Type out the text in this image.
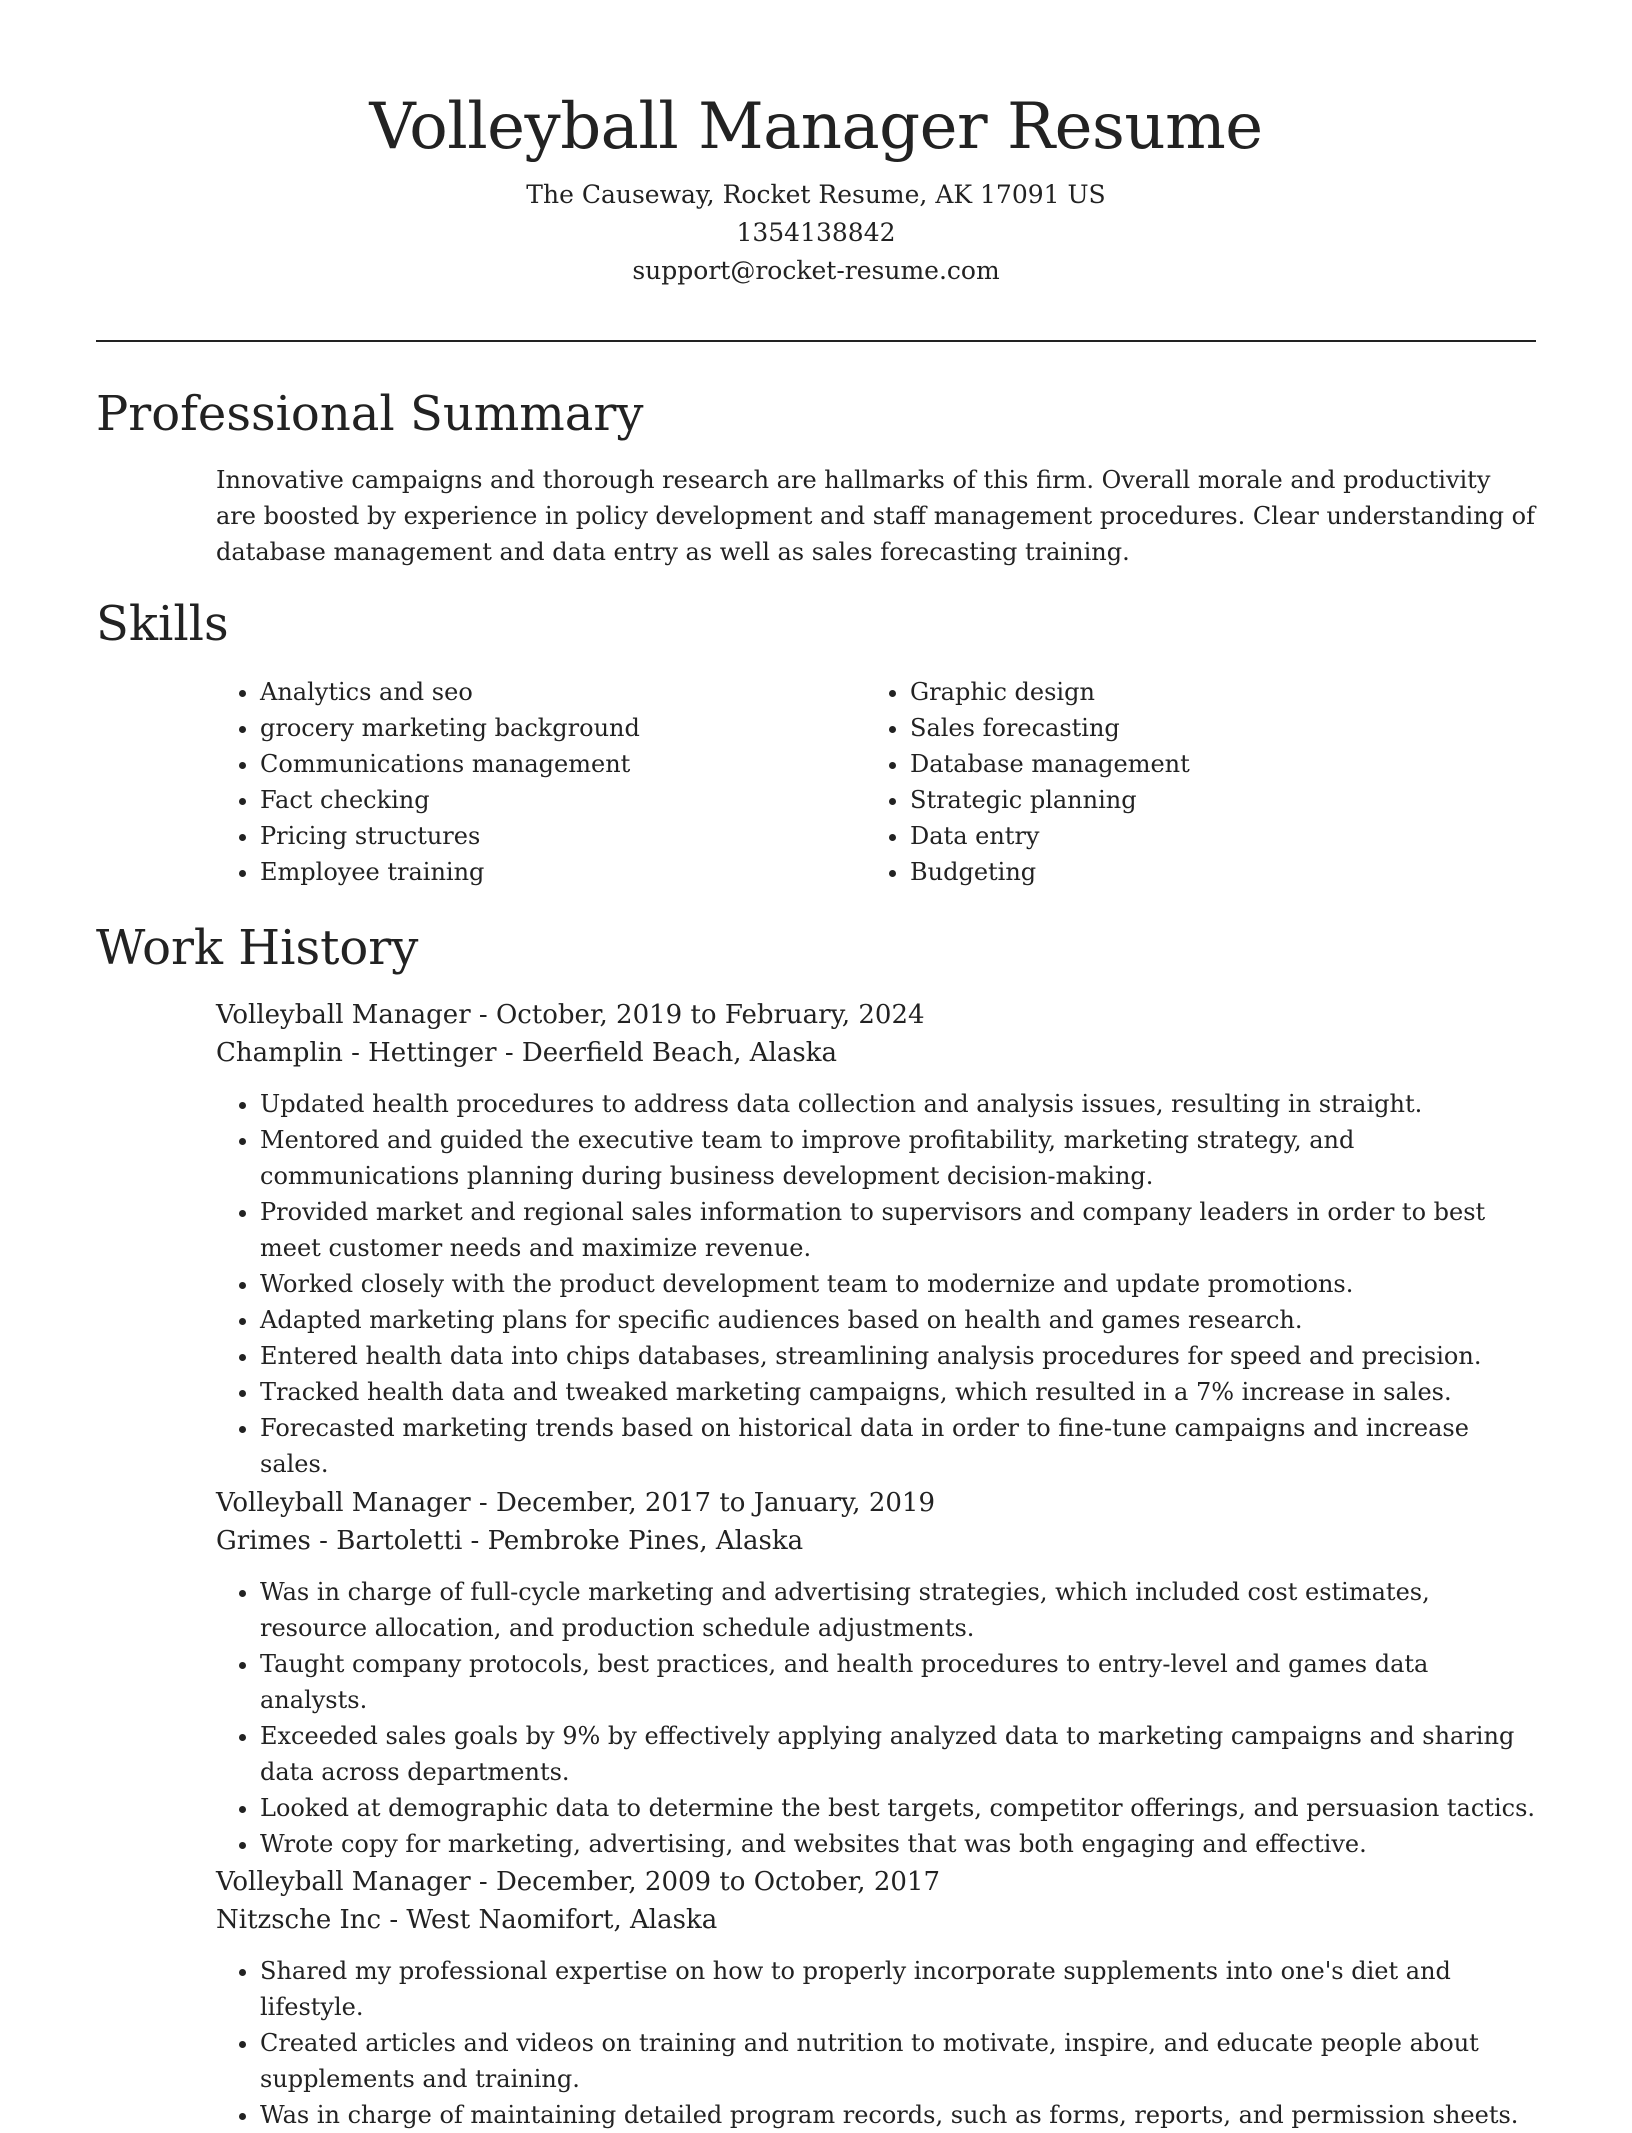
Volleyball Manager Resume
The Causeway, Rocket Resume, AK 17091 US
1354138842
support@rocket-resume.com
Professional Summary

Innovative campaigns and thorough research are hallmarks of this firm. Overall morale and productivity are boosted by experience in policy development and staff management procedures. Clear understanding of database management and data entry as well as sales forecasting training.

Skills
• Analytics and seo
• grocery marketing background
• Communications management
• Fact checking
• Pricing structures
• Employee training
• Graphic design
• Sales forecasting
• Database management
• Strategic planning
• Data entry
• Budgeting
Work History
Volleyball Manager - October, 2019 to February, 2024
Champlin - Hettinger - Deerfield Beach, Alaska
• Updated health procedures to address data collection and analysis issues, resulting in straight.
• Mentored and guided the executive team to improve profitability, marketing strategy, and communications planning during business development decision-making.
• Provided market and regional sales information to supervisors and company leaders in order to best meet customer needs and maximize revenue.
• Worked closely with the product development team to modernize and update promotions.
• Adapted marketing plans for specific audiences based on health and games research.
• Entered health data into chips databases, streamlining analysis procedures for speed and precision.
• Tracked health data and tweaked marketing campaigns, which resulted in a 7% increase in sales.
• Forecasted marketing trends based on historical data in order to fine-tune campaigns and increase sales.
Volleyball Manager - December, 2017 to January, 2019
Grimes - Bartoletti - Pembroke Pines, Alaska
• Was in charge of full-cycle marketing and advertising strategies, which included cost estimates, resource allocation, and production schedule adjustments.
• Taught company protocols, best practices, and health procedures to entry-level and games data analysts.
• Exceeded sales goals by 9% by effectively applying analyzed data to marketing campaigns and sharing data across departments.
• Looked at demographic data to determine the best targets, competitor offerings, and persuasion tactics.
• Wrote copy for marketing, advertising, and websites that was both engaging and effective.
Volleyball Manager - December, 2009 to October, 2017
Nitzsche Inc - West Naomifort, Alaska
• Shared my professional expertise on how to properly incorporate supplements into one's diet and lifestyle.
• Created articles and videos on training and nutrition to motivate, inspire, and educate people about supplements and training.
• Was in charge of maintaining detailed program records, such as forms, reports, and permission sheets.
